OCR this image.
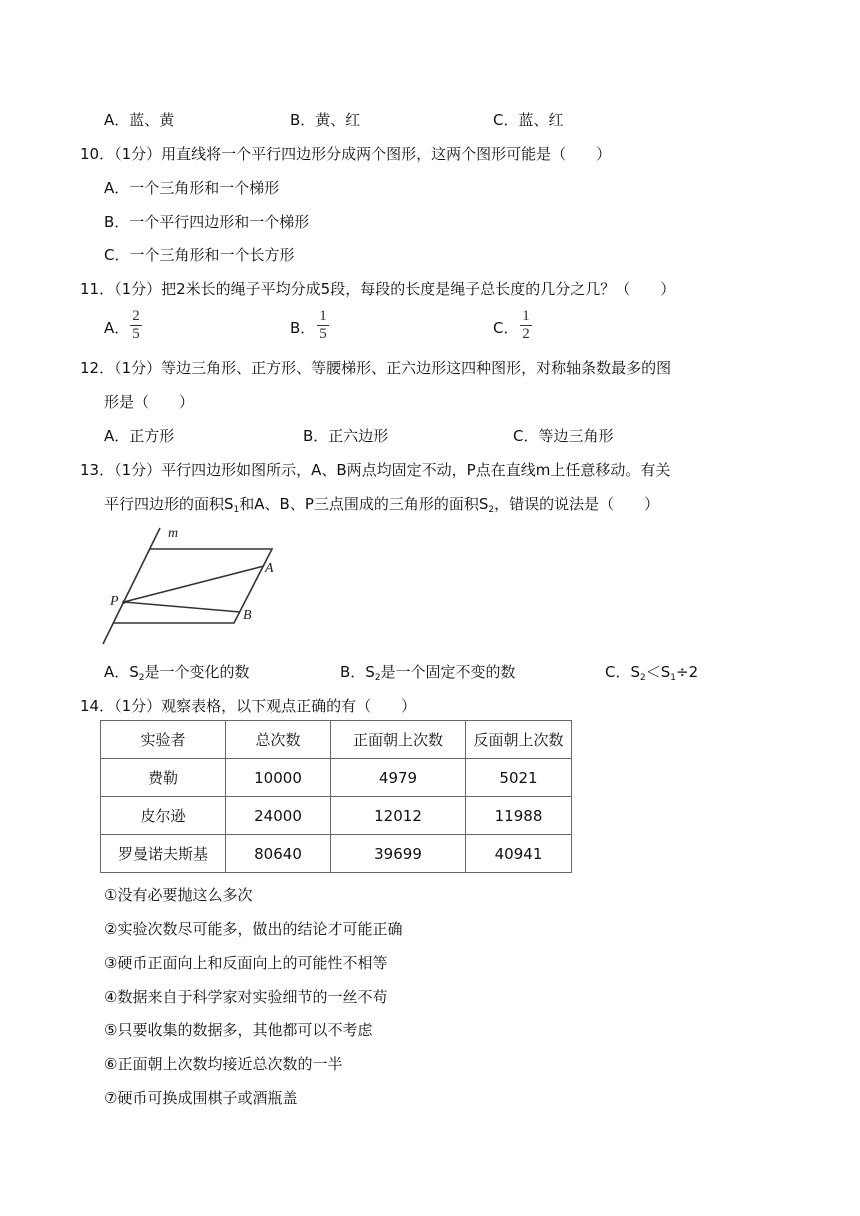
A．蓝、黄	B．黄、红	C．蓝、红
10．（1分）用直线将一个平行四边形分成两个图形，这两个图形可能是（　　）
A．一个三角形和一个梯形
B．一个平行四边形和一个梯形
C．一个三角形和一个长方形
11．（1分）把2米长的绳子平均分成5段，每段的长度是绳子总长度的几分之几？（　　）
A．
2
5	B．
1
5	C．
1
2
12．（1分）等边三角形、正方形、等腰梯形、正六边形这四种图形，对称轴条数最多的图
形是（　　）
A．正方形	B．正六边形	C．等边三角形
13．（1分）平行四边形如图所示，A、B两点均固定不动，P点在直线m上任意移动。有关
平行四边形的面积$S_1$和A、B、P三点围成的三角形的面积$S_2$，错误的说法是（　　）
m
A
B
P
A．$S_2$是一个变化的数	B．$S_2$是一个固定不变的数	C．$S_2<S_1\div 2$
14．（1分）观察表格，以下观点正确的有（　　）
实验者	总次数	正面朝上次数	反面朝上次数
费勒	10000	4979	5021
皮尔逊	24000	12012	11988
罗曼诺夫斯基	80640	39699	40941
①没有必要抛这么多次
②实验次数尽可能多，做出的结论才可能正确
③硬币正面向上和反面向上的可能性不相等
④数据来自于科学家对实验细节的一丝不苟
⑤只要收集的数据多，其他都可以不考虑
⑥正面朝上次数均接近总次数的一半
⑦硬币可换成围棋子或酒瓶盖
